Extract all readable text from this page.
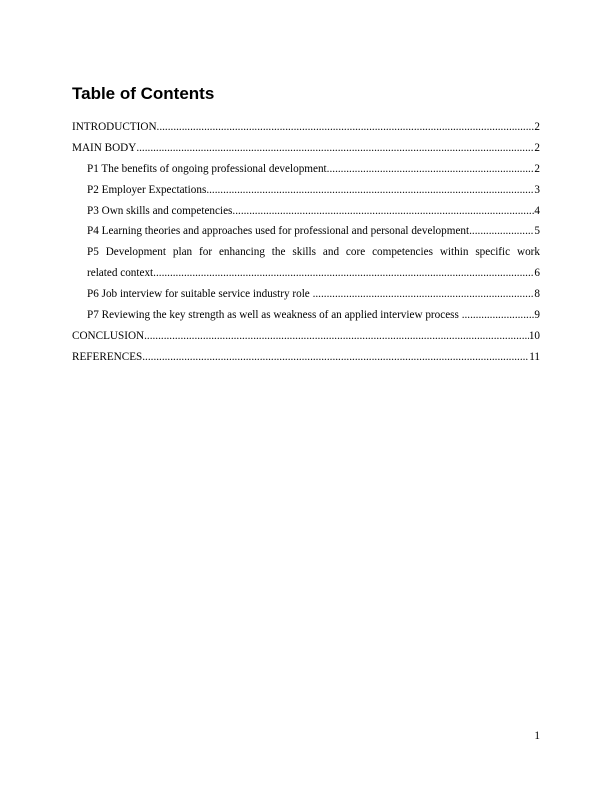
Table of Contents
INTRODUCTION .....	2
MAIN BODY .....	2
P1 The benefits of ongoing professional development .....	2
P2 Employer Expectations .....	3
P3 Own skills and competencies .....	4
P4 Learning theories and approaches used for professional and personal development .....	5
P5 Development plan for enhancing the skills and core competencies within specific work
related context .....	6
P6 Job interview for suitable service industry role .....	8
P7 Reviewing the key strength as well as weakness of an applied interview process .....	9
CONCLUSION .....	10
REFERENCES .....	11
1
